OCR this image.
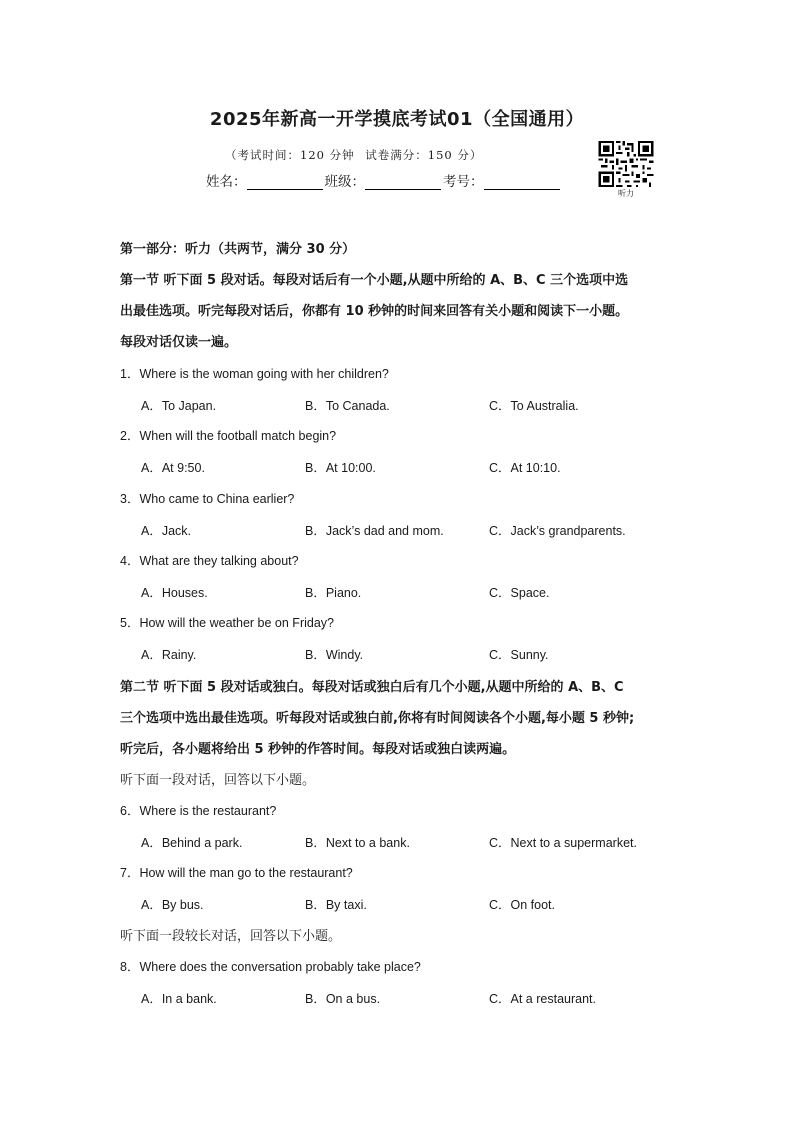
2025年新高一开学摸底考试01（全国通用）
（考试时间：120 分钟 试卷满分：150 分）
姓名：	班级：	考号：
听力
第一部分：听力（共两节，满分 30 分）
第一节 听下面 5 段对话。每段对话后有一个小题,从题中所给的 A、B、C 三个选项中选
出最佳选项。听完每段对话后，你都有 10 秒钟的时间来回答有关小题和阅读下一小题。
每段对话仅读一遍。
1．Where is the woman going with her children?
A．To Japan.	B．To Canada.	C．To Australia.
2．When will the football match begin?
A．At 9:50.	B．At 10:00.	C．At 10:10.
3．Who came to China earlier?
A．Jack.	B．Jack’s dad and mom.	C．Jack’s grandparents.
4．What are they talking about?
A．Houses.	B．Piano.	C．Space.
5．How will the weather be on Friday?
A．Rainy.	B．Windy.	C．Sunny.
第二节 听下面 5 段对话或独白。每段对话或独白后有几个小题,从题中所给的 A、B、C
三个选项中选出最佳选项。听每段对话或独白前,你将有时间阅读各个小题,每小题 5 秒钟;
听完后，各小题将给出 5 秒钟的作答时间。每段对话或独白读两遍。
听下面一段对话，回答以下小题。
6．Where is the restaurant?
A．Behind a park.	B．Next to a bank.	C．Next to a supermarket.
7．How will the man go to the restaurant?
A．By bus.	B．By taxi.	C．On foot.
听下面一段较长对话，回答以下小题。
8．Where does the conversation probably take place?
A．In a bank.	B．On a bus.	C．At a restaurant.
